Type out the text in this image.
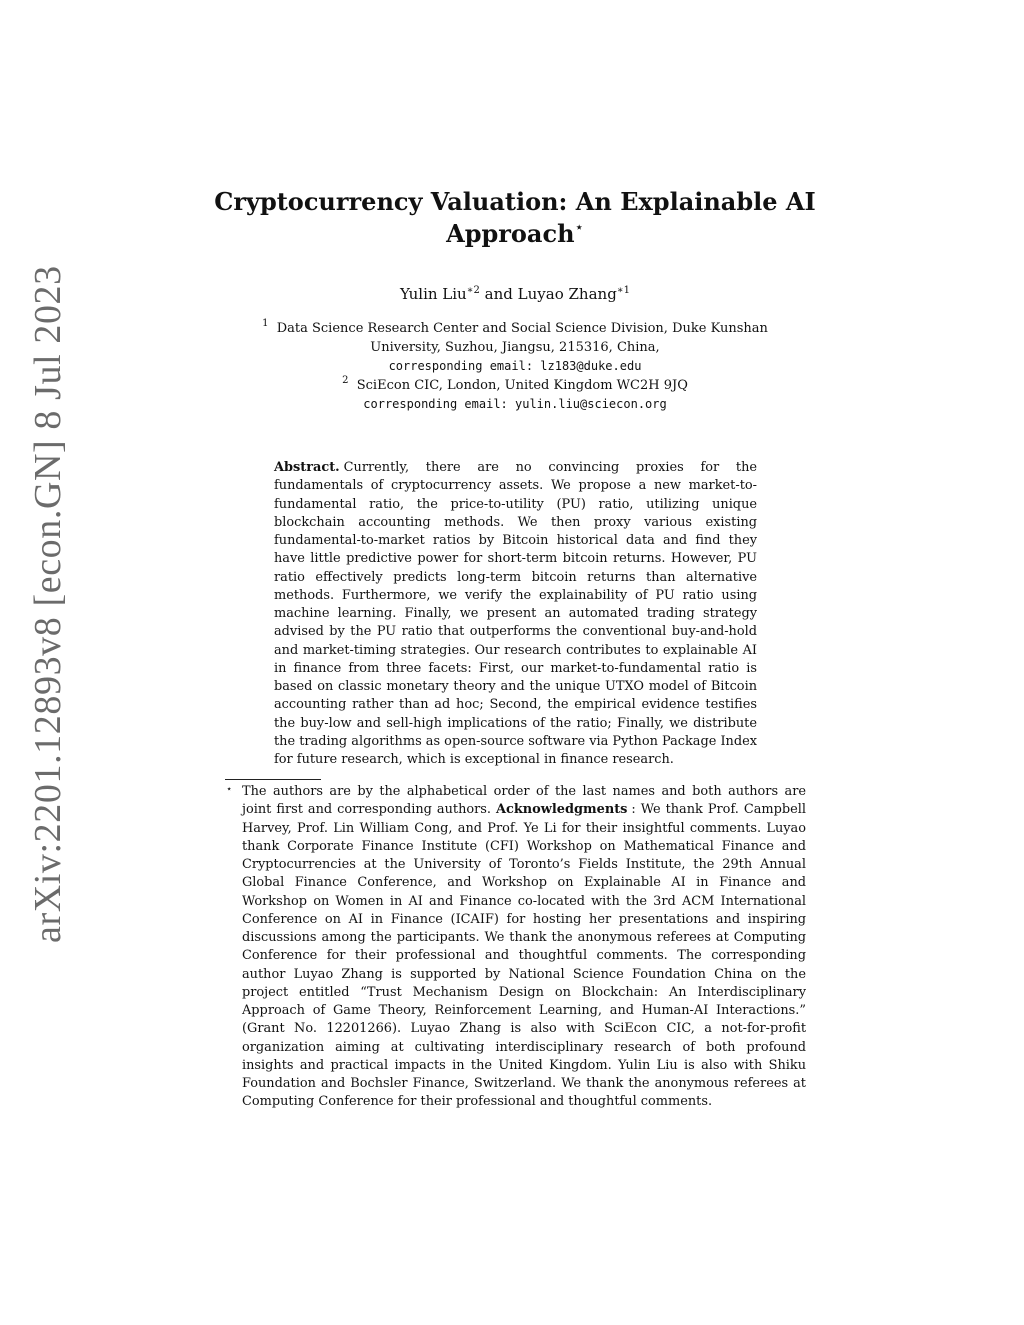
arXiv:2201.12893v8 [econ.GN] 8 Jul 2023
Cryptocurrency Valuation: An Explainable AI
Approach⋆
Yulin Liu$^{∗2}$ and Luyao Zhang$^{∗1}$
$^1$ Data Science Research Center and Social Science Division, Duke Kunshan
University, Suzhou, Jiangsu, 215316, China,
corresponding email: lz183@duke.edu
$^2$ SciEcon CIC, London, United Kingdom WC2H 9JQ
corresponding email: yulin.liu@sciecon.org
Abstract. Currently, there are no convincing proxies for the fundamentals of cryptocurrency assets. We propose a new market-to-fundamental ratio, the price-to-utility (PU) ratio, utilizing unique blockchain accounting methods. We then proxy various existing fundamental-to-market ratios by Bitcoin historical data and find they have little predictive power for short-term bitcoin returns. However, PU ratio effectively predicts long-term bitcoin returns than alternative methods. Furthermore, we verify the explainability of PU ratio using machine learning. Finally, we present an automated trading strategy advised by the PU ratio that outperforms the conventional buy-and-hold and market-timing strategies. Our research contributes to explainable AI in finance from three facets: First, our market-to-fundamental ratio is based on classic monetary theory and the unique UTXO model of Bitcoin accounting rather than ad hoc; Second, the empirical evidence testifies the buy-low and sell-high implications of the ratio; Finally, we distribute the trading algorithms as open-source software via Python Package Index for future research, which is exceptional in finance research.
⋆ The authors are by the alphabetical order of the last names and both authors are joint first and corresponding authors. Acknowledgments : We thank Prof. Campbell Harvey, Prof. Lin William Cong, and Prof. Ye Li for their insightful comments. Luyao thank Corporate Finance Institute (CFI) Workshop on Mathematical Finance and Cryptocurrencies at the University of Toronto’s Fields Institute, the 29th Annual Global Finance Conference, and Workshop on Explainable AI in Finance and Workshop on Women in AI and Finance co-located with the 3rd ACM International Conference on AI in Finance (ICAIF) for hosting her presentations and inspiring discussions among the participants. We thank the anonymous referees at Computing Conference for their professional and thoughtful comments. The corresponding author Luyao Zhang is supported by National Science Foundation China on the project entitled “Trust Mechanism Design on Blockchain: An Interdisciplinary Approach of Game Theory, Reinforcement Learning, and Human-AI Interactions.” (Grant No. 12201266). Luyao Zhang is also with SciEcon CIC, a not-for-profit organization aiming at cultivating interdisciplinary research of both profound insights and practical impacts in the United Kingdom. Yulin Liu is also with Shiku Foundation and Bochsler Finance, Switzerland. We thank the anonymous referees at Computing Conference for their professional and thoughtful comments.
